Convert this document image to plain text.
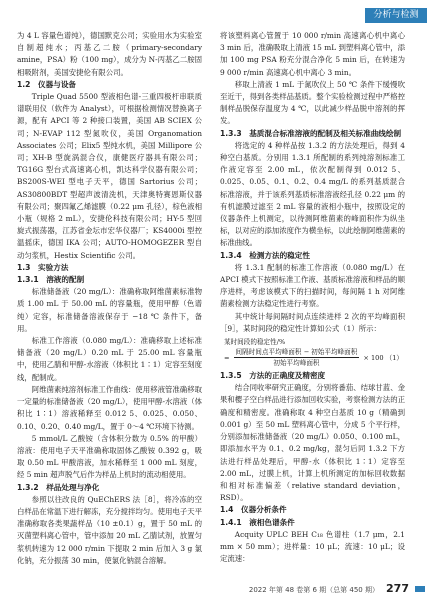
分析与检测

为 4 L 容量色谱纯），德国默克公司；实验用水为实验室自制超纯水；丙基乙二胺（primary-secondary amine，PSA）粉（100 mg），成分为 N-丙基乙二胺固相吸附剂，美国安捷伦有限公司。

1.2　仪器与设备

Triple Quad 5500 型液相色谱-三重四极杆串联质谱联用仪（软件为 Analyst），可根据检测情况替换离子源，配有 APCI 等 2 种接口装置，美国 AB SCIEX 公司；N-EVAP 112 型氮吹仪，美国 Organomation Associates 公司；Elix5 型纯水机，美国 Millipore 公司；XH-B 型旋涡混合仪，康健医疗器具有限公司；TG16G 型台式高速离心机，凯达科学仪器有限公司；BS200S-WEI 型电子天平，德国 Sartorius 公司；AS30800BDT 型超声波清洗机，天津奥特赛恩斯仪器有限公司；聚四氟乙烯滤膜（0.22 μm 孔径），棕色液相小瓶（规格 2 mL），安捷伦科技有限公司；HY-5 型回旋式振荡器，江苏省金坛市宏华仪器厂；KS4000i 型控温摇床，德国 IKA 公司；AUTO-HOMOGEZER 型自动匀浆机，Hestix Scientific 公司。

1.3　实验方法
1.3.1　溶液的配制

标准储备液（20 mg/L）：准确称取阿维菌素标准物质 1.00 mL 于 50.00 mL 的容量瓶，使用甲醇（色谱纯）定容，标准储备溶液保存于 −18 ℃ 条件下，备用。

标准工作溶液（0.080 mg/L）：准确移取上述标准储备液（20 mg/L）0.20 mL 于 25.00 mL 容量瓶中，使用乙腈和甲醇-水溶液（体积比 1∶1）定容至刻度线，配制成。

阿维菌素纯溶剂标准工作曲线：使用移液管准确移取一定量的标准储备液（20 mg/L），使用甲醇-水溶液（体积比 1∶1）溶液稀释至 0.012 5、0.025、0.050、0.10、0.20、0.40 mg/L，置于 0～4 ℃环境下待测。

5 mmol/L 乙酸铵（含体积分数为 0.5% 的甲酸）溶液：使用电子天平准确称取固体乙酸铵 0.392 g，吸取 0.50 mL 甲酸溶液，加水稀释至 1 000 mL 刻度，经 5 min 超声脱气后作为样品上机时的流动相使用。

1.3.2　样品处理与净化

参照以往改良的 QuEChERS 法［8］，将冷冻的空白样品在常温下进行解冻，充分搅拌均匀。使用电子天平准确称取各类果蔬样品（10 ±0.1）g，置于 50 mL 的灭菌塑料离心管中，管中添加 20 mL 乙腈试剂，放置匀浆机转速为 12 000 r/min 下提取 2 min 后加入 3 g 氯化钠，充分振荡 30 min，使氯化钠混合溶解。

将该塑料离心管置于 10 000 r/min 高速离心机中离心 3 min 后，准确吸取上清液 15 mL 到塑料离心管中，添加 100 mg PSA 粉充分混合净化 5 min 后，在转速为 9 000 r/min 高速离心机中离心 3 min。

移取上清液 1 mL 于氮吹仪上 50 ℃ 条件下缓慢吹至近干，得到各类样品基质。整个实验检测过程中严格控制样品脱保存温度为 4 ℃，以此减少样品脱中溶剂的挥发。

1.3.3　基质混合标准溶液的配制及相关标准曲线绘制

将选定的 4 种样品按 1.3.2 的方法处理后，得到 4 种空白基质。分别用 1.3.1 所配制的系列纯溶剂标准工作液定容至 2.00 mL，依次配制得到 0.012 5、0.025、0.05、0.1、0.2、0.4 mg/L 的系列基质混合标准溶液，并于该系列基质标准溶液经孔径 0.22 μm 的有机滤膜过滤至 2 mL 容量的液相小瓶中，按照设定的仪器条件上机测定，以待测阿维菌素的峰面积作为纵坐标，以对应的添加浓度作为横坐标，以此绘制阿维菌素的标准曲线。

1.3.4　检测方法的稳定性

将 1.3.1 配制的标准工作溶液（0.080 mg/L）在 APCI 模式下按照标准工作液、基质标准溶液和样品的顺序进样，考虑该模式下的扫描时间，每间隔 1 h 对阿维菌素检测方法稳定性进行考察。

其中统计每间隔时间点连续进样 2 次的平均峰面积［9］，某时间段的稳定性计算如公式（1）所示：

某时间段的稳定性/%
= $\frac{\text{间隔时间点平均峰面积 − 初始平均峰面积}}{\text{初始平均峰面积}} \times 100$ （1）
1.3.5　方法的正确度及精密度

结合同收率研究正确度，分别将番茄、结球甘蓝、金果和樱子空白样品进行添加回收实验，考察检测方法的正确度和精密度。准确称取 4 种空白基质 10 g（精确到 0.001 g）至 50 mL 塑料离心管中，分成 5 个平行样，分别添加标准储备液（20 mg/L）0.050、0.100 mL，即添加水平为 0.1、0.2 mg/kg，混匀后同 1.3.2 下方法进行样品处理后，甲醇-水（体积比 1∶1）定容至 2.00 mL，过膜上机，计算上机所测定的加标回收数据和相对标准偏差（relative standard deviation，RSD）。

1.4　仪器分析条件
1.4.1　液相色谱条件

Acquity UPLC BEH C₁₈ 色谱柱（1.7 μm，2.1 mm × 50 mm）；进样量：10 μL；流速：10 μL；设定流速：

2022 年第 48 卷第 6 期（总第 450 期） 277
